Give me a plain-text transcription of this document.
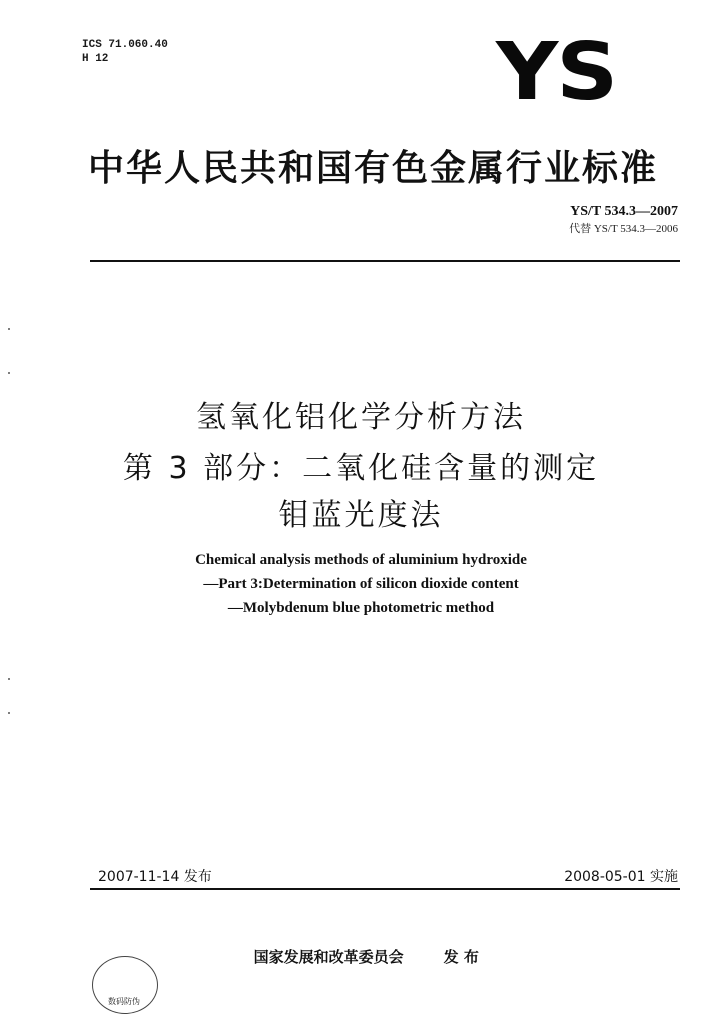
ICS 71.060.40
H 12	YS
中华人民共和国有色金属行业标准
YS/T 534.3—2007
代替 YS/T 534.3—2006
氢氧化铝化学分析方法
第 3 部分：二氧化硅含量的测定
钼蓝光度法
Chemical analysis methods of aluminium hydroxide
—Part 3:Determination of silicon dioxide content
—Molybdenum blue photometric method
2007-11-14 发布	2008-05-01 实施

国家发展和改革委员会	发 布

数码防伪
